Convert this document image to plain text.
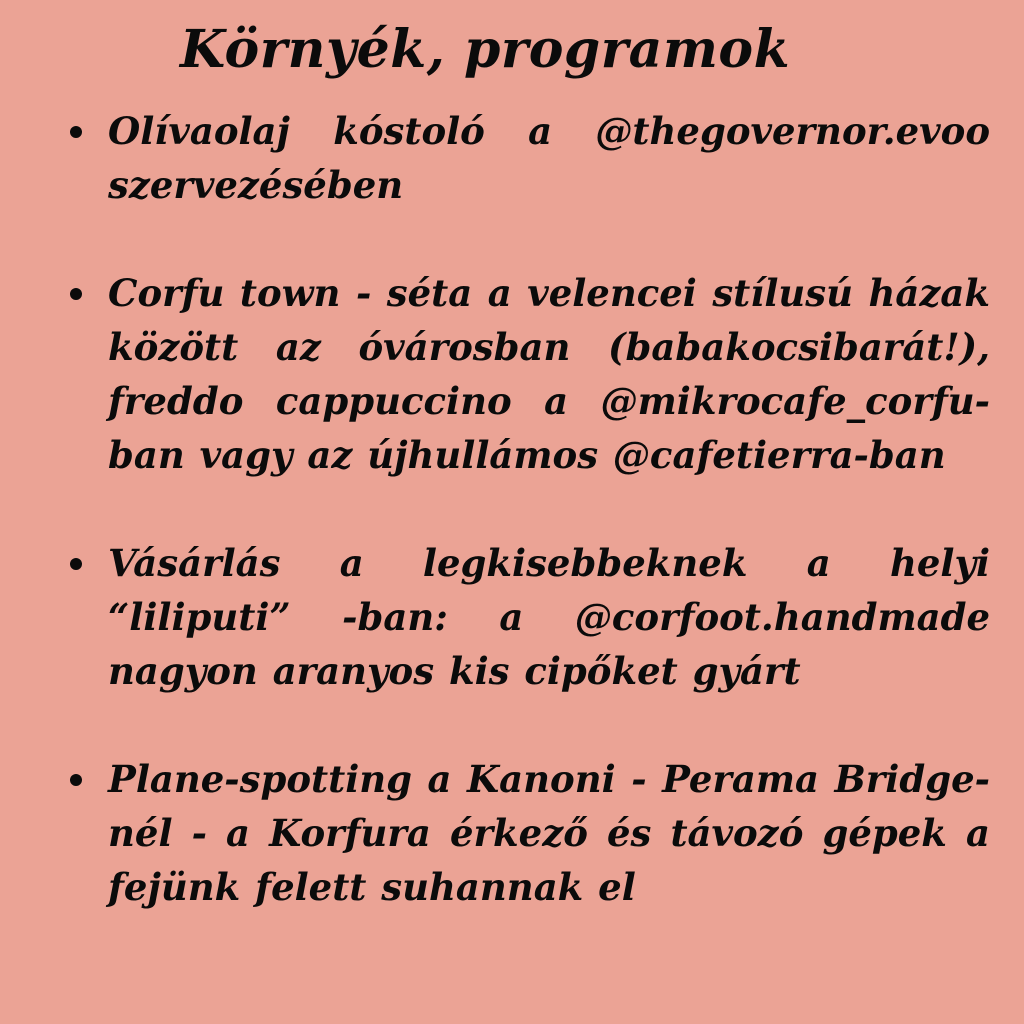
Környék, programok
Olívaolaj kóstoló a @thegovernor.evoo szervezésében
Corfu town - séta a velencei stílusú házak között az óvárosban (babakocsibarát!), freddo cappuccino a @mikrocafe_corfu-ban vagy az újhullámos @cafetierra-ban
Vásárlás a legkisebbeknek a helyi “liliputi” -ban: a @corfoot.handmade nagyon aranyos kis cipőket gyárt
Plane-spotting a Kanoni - Perama Bridge-nél - a Korfura érkező és távozó gépek a fejünk felett suhannak el
